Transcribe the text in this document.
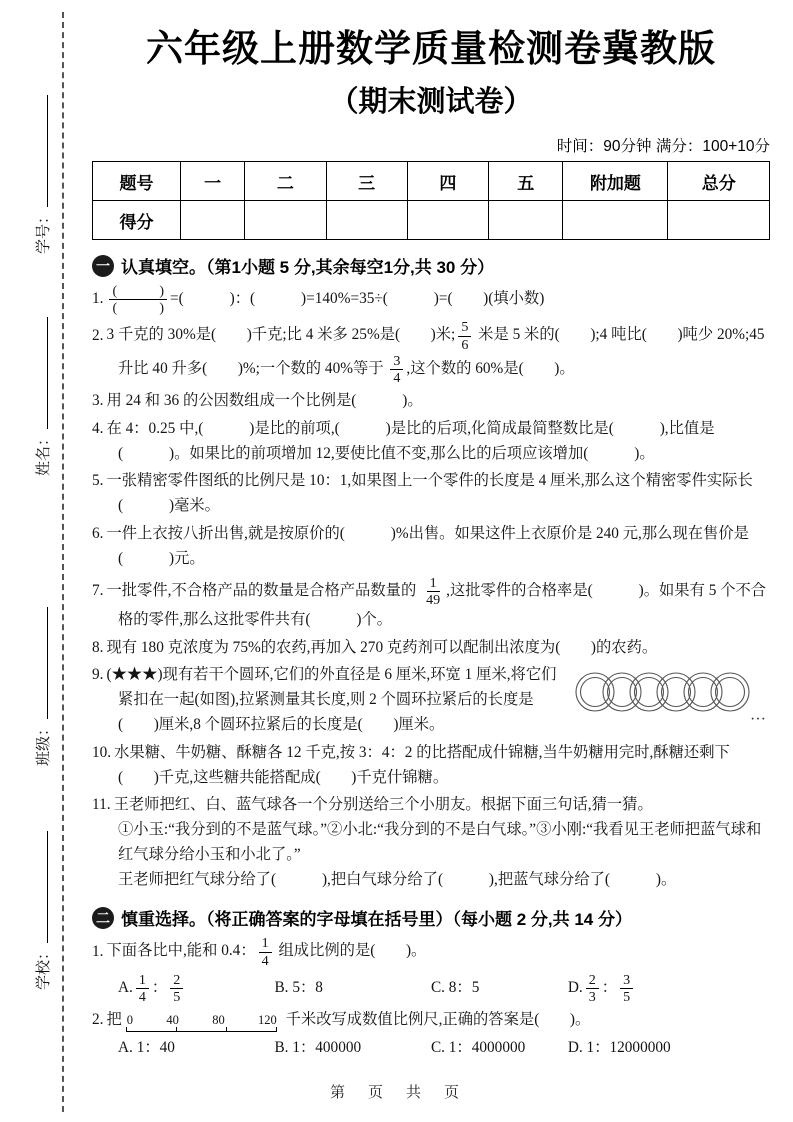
学号：
姓名：
班级：
学校：
六年级上册数学质量检测卷冀教版
（期末测试卷）
时间：90分钟 满分：100+10分
题号	一	二	三	四	五	附加题	总分
得分							
一 认真填空。（第1小题 5 分,其余每空1分,共 30 分）
1. $\frac{( )}{( )}$ =(　　　)：(　　　)=140%=35÷(　　　)=(　　)(填小数)
2. 3 千克的 30%是(　　)千克;比 4 米多 25%是(　　)米; $\frac{5}{6}$ 米是 5 米的(　　);4 吨比(　　)吨少 20%;45 升比 40 升多(　　)%;一个数的 40%等于 $\frac{3}{4}$ ,这个数的 60%是(　　)。
3. 用 24 和 36 的公因数组成一个比例是(　　　)。
4. 在 4：0.25 中,(　　　)是比的前项,(　　　)是比的后项,化简成最简整数比是(　　　),比值是(　　　)。如果比的前项增加 12,要使比值不变,那么比的后项应该增加(　　　)。
5. 一张精密零件图纸的比例尺是 10：1,如果图上一个零件的长度是 4 厘米,那么这个精密零件实际长(　　　)毫米。
6. 一件上衣按八折出售,就是按原价的(　　　)%出售。如果这件上衣原价是 240 元,那么现在售价是(　　　)元。
7. 一批零件,不合格产品的数量是合格产品数量的 $\frac{1}{49}$ ,这批零件的合格率是(　　　)。如果有 5 个不合格的零件,那么这批零件共有(　　　)个。
8. 现有 180 克浓度为 75%的农药,再加入 270 克药剂可以配制出浓度为(　　)的农药。
…
9. (★★★)现有若干个圆环,它们的外直径是 6 厘米,环宽 1 厘米,将它们紧扣在一起(如图),拉紧测量其长度,则 2 个圆环拉紧后的长度是(　　)厘米,8 个圆环拉紧后的长度是(　　)厘米。
10. 水果糖、牛奶糖、酥糖各 12 千克,按 3：4：2 的比搭配成什锦糖,当牛奶糖用完时,酥糖还剩下(　　)千克,这些糖共能搭配成(　　)千克什锦糖。
11. 王老师把红、白、蓝气球各一个分别送给三个小朋友。根据下面三句话,猜一猜。
①小玉:“我分到的不是蓝气球。”②小北:“我分到的不是白气球。”③小刚:“我看见王老师把蓝气球和红气球分给小玉和小北了。”
王老师把红气球分给了(　　　),把白气球分给了(　　　),把蓝气球分给了(　　　)。
二 慎重选择。（将正确答案的字母填在括号里）（每小题 2 分,共 14 分）
1. 下面各比中,能和 0.4： $\frac{1}{4}$ 组成比例的是(　　)。
A. $\frac{1}{4}$ ： $\frac{2}{5}$	B. 5：8	C. 8：5	D. $\frac{2}{3}$ ： $\frac{3}{5}$
2. 把 0	40	80	120 千米改写成数值比例尺,正确的答案是(　　)。
A. 1：40	B. 1：400000	C. 1：4000000	D. 1：12000000
第　页　共　页
